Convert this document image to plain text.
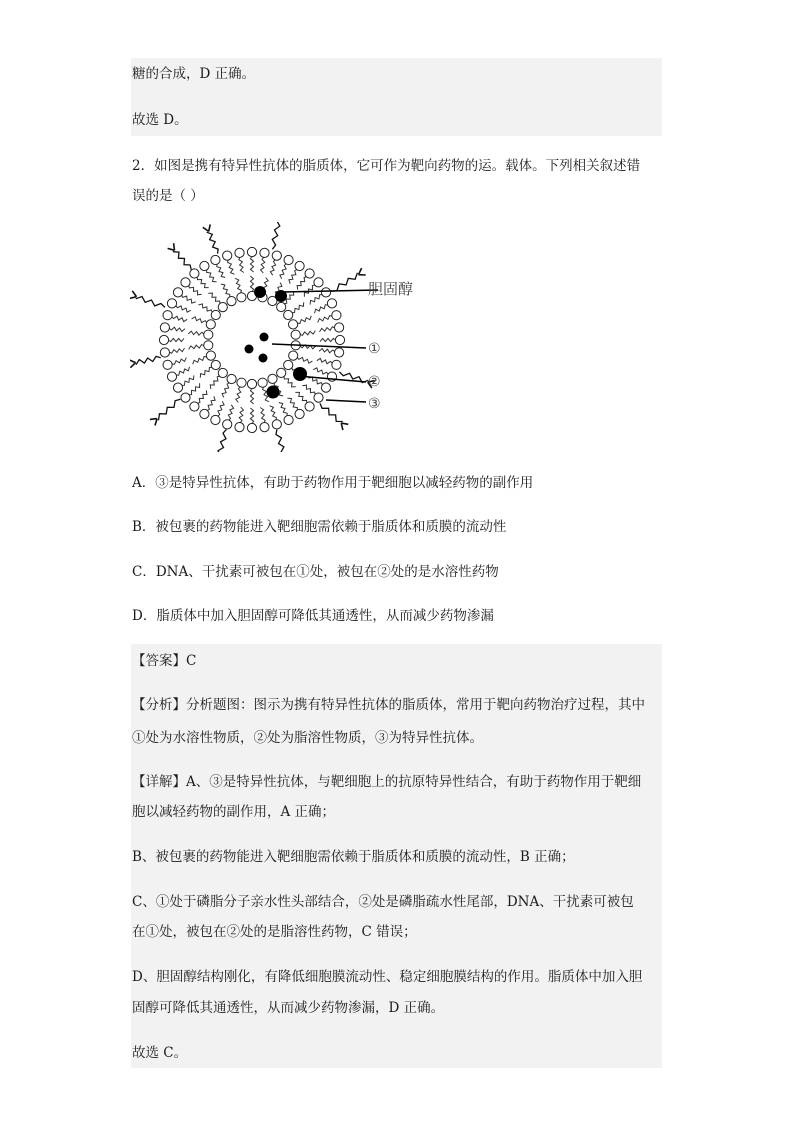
糖的合成，D 正确。
故选 D。
2．如图是携有特异性抗体的脂质体，它可作为靶向药物的运。载体。下列相关叙述错
误的是（ ）
胆固醇
①
②
③
A．③是特异性抗体，有助于药物作用于靶细胞以减轻药物的副作用
B．被包裹的药物能进入靶细胞需依赖于脂质体和质膜的流动性
C．DNA、干扰素可被包在①处，被包在②处的是水溶性药物
D．脂质体中加入胆固醇可降低其通透性，从而减少药物渗漏
【答案】C
【分析】分析题图：图示为携有特异性抗体的脂质体，常用于靶向药物治疗过程，其中
①处为水溶性物质，②处为脂溶性物质，③为特异性抗体。
【详解】A、③是特异性抗体，与靶细胞上的抗原特异性结合，有助于药物作用于靶细
胞以减轻药物的副作用，A 正确；
B、被包裹的药物能进入靶细胞需依赖于脂质体和质膜的流动性，B 正确；
C、①处于磷脂分子亲水性头部结合，②处是磷脂疏水性尾部，DNA、干扰素可被包
在①处，被包在②处的是脂溶性药物，C 错误；
D、胆固醇结构刚化，有降低细胞膜流动性、稳定细胞膜结构的作用。脂质体中加入胆
固醇可降低其通透性，从而减少药物渗漏，D 正确。
故选 C。
